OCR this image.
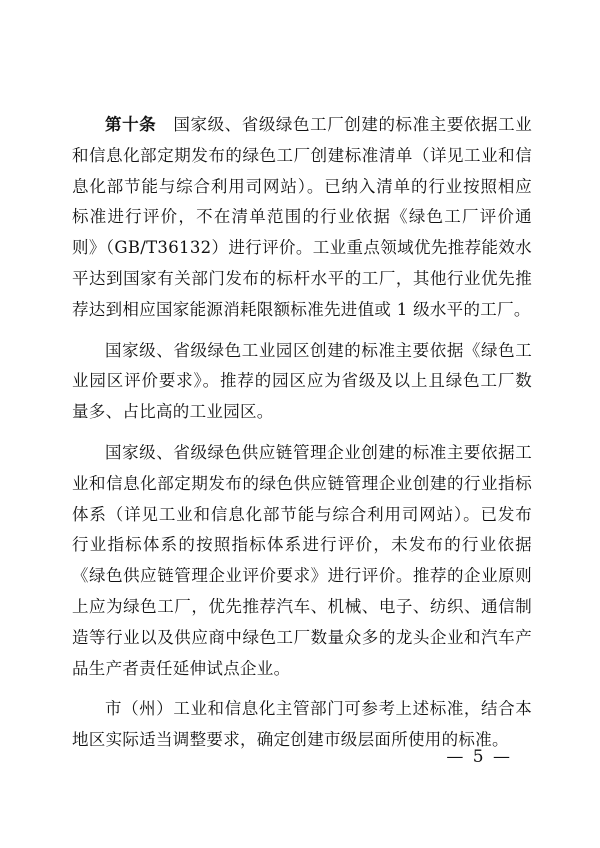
第十条  国家级、省级绿色工厂创建的标准主要依据工业和信息化部定期发布的绿色工厂创建标准清单（详见工业和信息化部节能与综合利用司网站）。已纳入清单的行业按照相应标准进行评价，不在清单范围的行业依据《绿色工厂评价通则》（GB/T36132）进行评价。工业重点领域优先推荐能效水平达到国家有关部门发布的标杆水平的工厂，其他行业优先推荐达到相应国家能源消耗限额标准先进值或 1 级水平的工厂。

国家级、省级绿色工业园区创建的标准主要依据《绿色工业园区评价要求》。推荐的园区应为省级及以上且绿色工厂数量多、占比高的工业园区。

国家级、省级绿色供应链管理企业创建的标准主要依据工业和信息化部定期发布的绿色供应链管理企业创建的行业指标体系（详见工业和信息化部节能与综合利用司网站）。已发布行业指标体系的按照指标体系进行评价，未发布的行业依据《绿色供应链管理企业评价要求》进行评价。推荐的企业原则上应为绿色工厂，优先推荐汽车、机械、电子、纺织、通信制造等行业以及供应商中绿色工厂数量众多的龙头企业和汽车产品生产者责任延伸试点企业。

市（州）工业和信息化主管部门可参考上述标准，结合本地区实际适当调整要求，确定创建市级层面所使用的标准。

— 5 —
